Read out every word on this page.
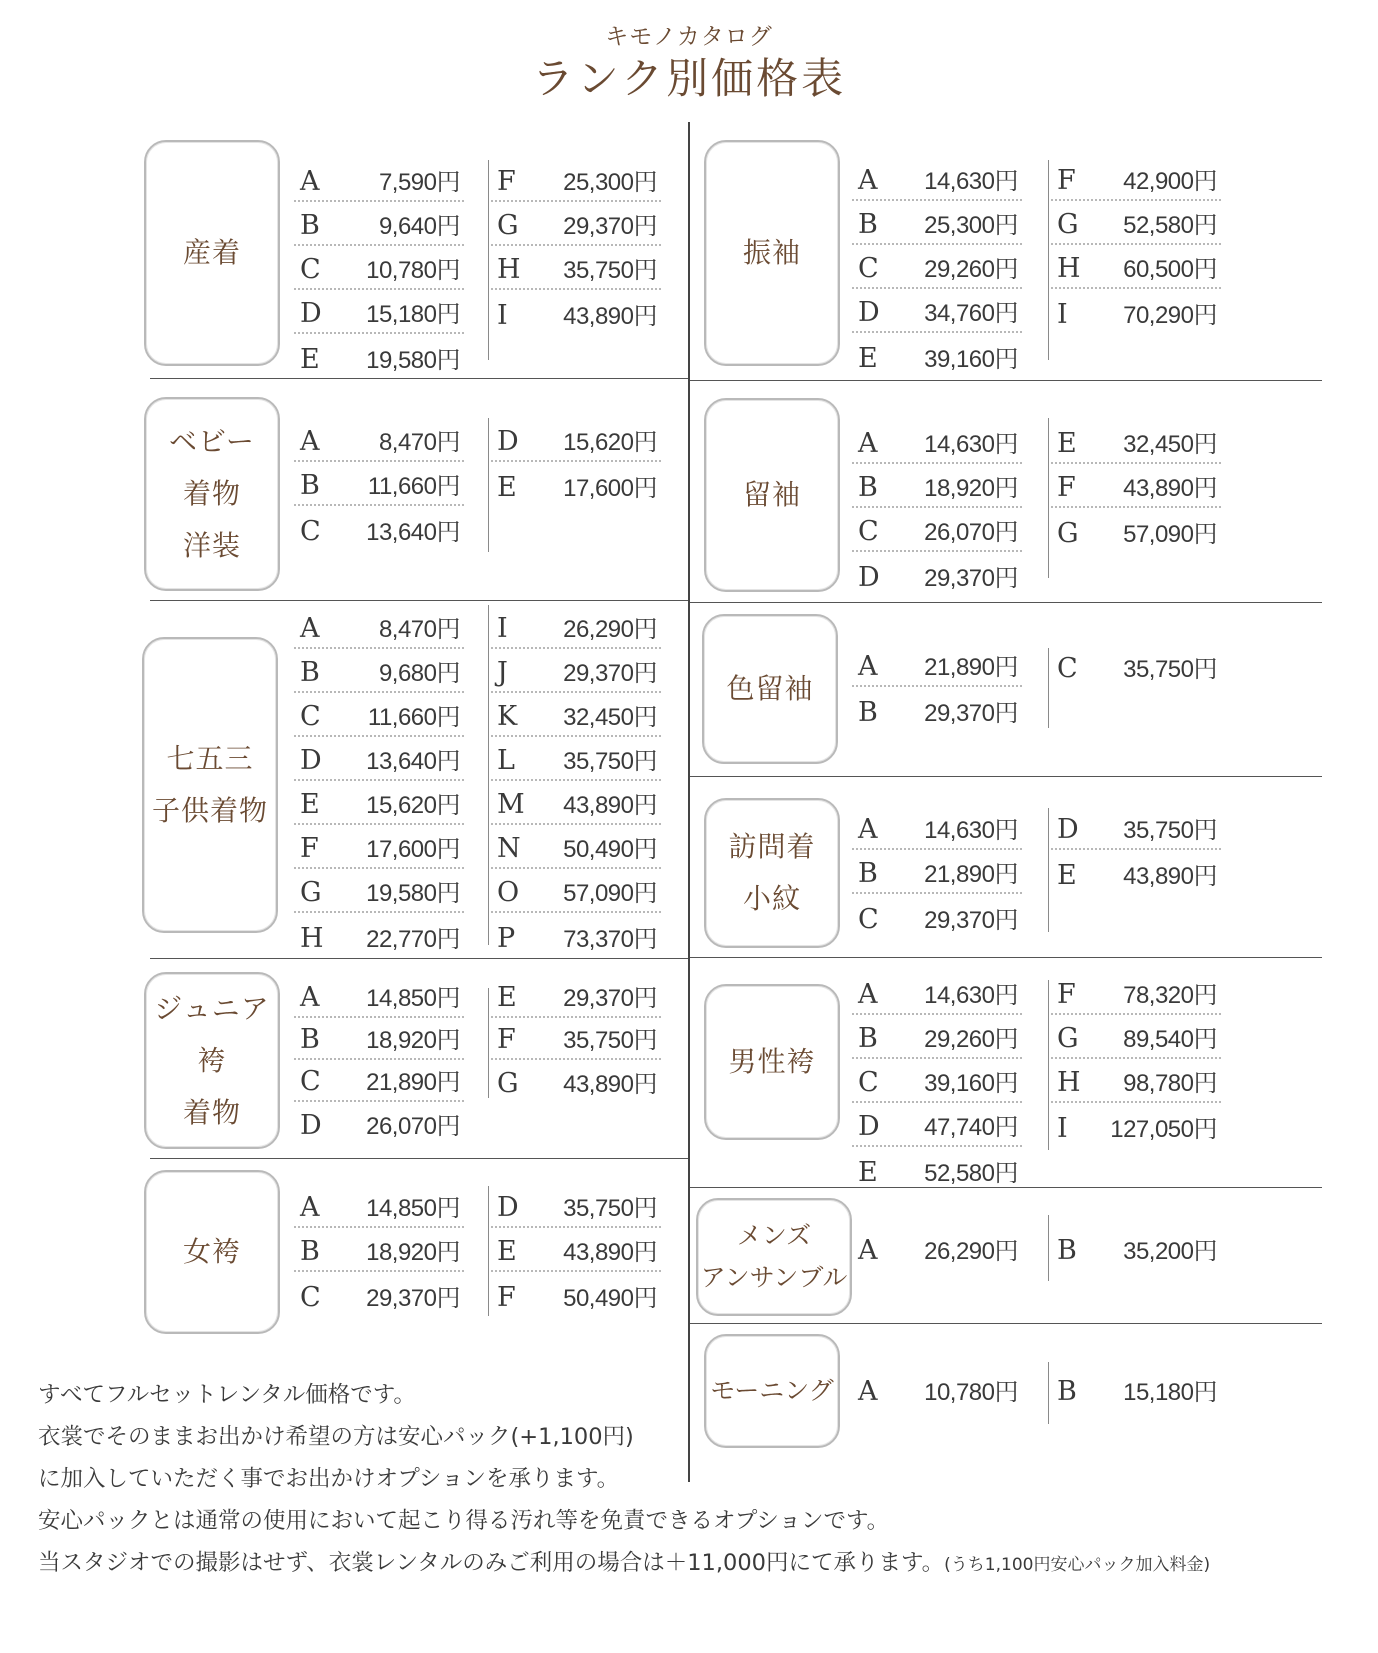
キモノカタログ
ランク別価格表
産着
A 7,590円
B 9,640円
C 10,780円
D 15,180円
E 19,580円
F 25,300円
G 29,370円
H 35,750円
I 43,890円
ベビー
着物
洋装
A 8,470円
B 11,660円
C 13,640円
D 15,620円
E 17,600円
七五三
子供着物
A 8,470円
B 9,680円
C 11,660円
D 13,640円
E 15,620円
F 17,600円
G 19,580円
H 22,770円
I 26,290円
J 29,370円
K 32,450円
L 35,750円
M 43,890円
N 50,490円
O 57,090円
P 73,370円
ジュニア
袴
着物
A 14,850円
B 18,920円
C 21,890円
D 26,070円
E 29,370円
F 35,750円
G 43,890円
女袴
A 14,850円
B 18,920円
C 29,370円
D 35,750円
E 43,890円
F 50,490円
振袖
A 14,630円
B 25,300円
C 29,260円
D 34,760円
E 39,160円
F 42,900円
G 52,580円
H 60,500円
I 70,290円
留袖
A 14,630円
B 18,920円
C 26,070円
D 29,370円
E 32,450円
F 43,890円
G 57,090円
色留袖
A 21,890円
B 29,370円
C 35,750円
訪問着
小紋
A 14,630円
B 21,890円
C 29,370円
D 35,750円
E 43,890円
男性袴
A 14,630円
B 29,260円
C 39,160円
D 47,740円
E 52,580円
F 78,320円
G 89,540円
H 98,780円
I 127,050円
メンズ
アンサンブル
A 26,290円 B 35,200円
モーニング A 10,780円 B 15,180円
すべてフルセットレンタル価格です。
衣裳でそのままお出かけ希望の方は安心パック(+1,100円)
に加入していただく事でお出かけオプションを承ります。
安心パックとは通常の使用において起こり得る汚れ等を免責できるオプションです。
当スタジオでの撮影はせず、衣裳レンタルのみご利用の場合は＋11,000円にて承ります。(うち1,100円安心パック加入料金)
